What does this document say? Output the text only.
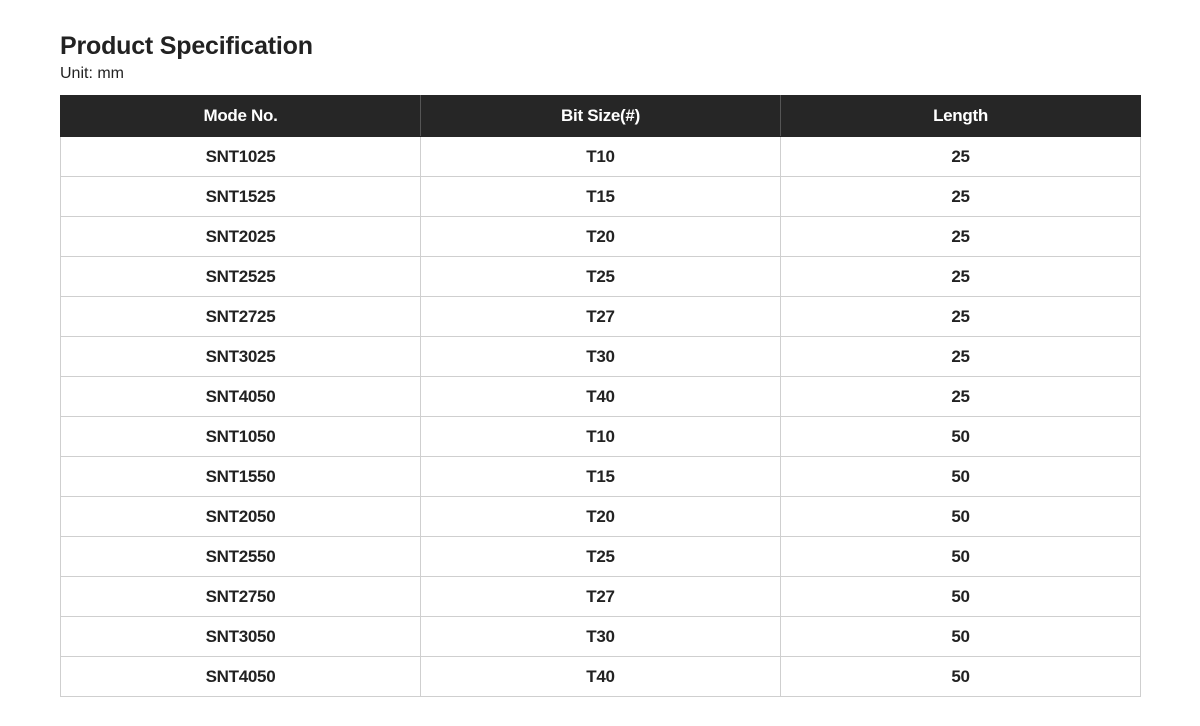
Product Specification

Unit: mm

Mode No.	Bit Size(#)	Length
SNT1025	T10	25
SNT1525	T15	25
SNT2025	T20	25
SNT2525	T25	25
SNT2725	T27	25
SNT3025	T30	25
SNT4050	T40	25
SNT1050	T10	50
SNT1550	T15	50
SNT2050	T20	50
SNT2550	T25	50
SNT2750	T27	50
SNT3050	T30	50
SNT4050	T40	50
